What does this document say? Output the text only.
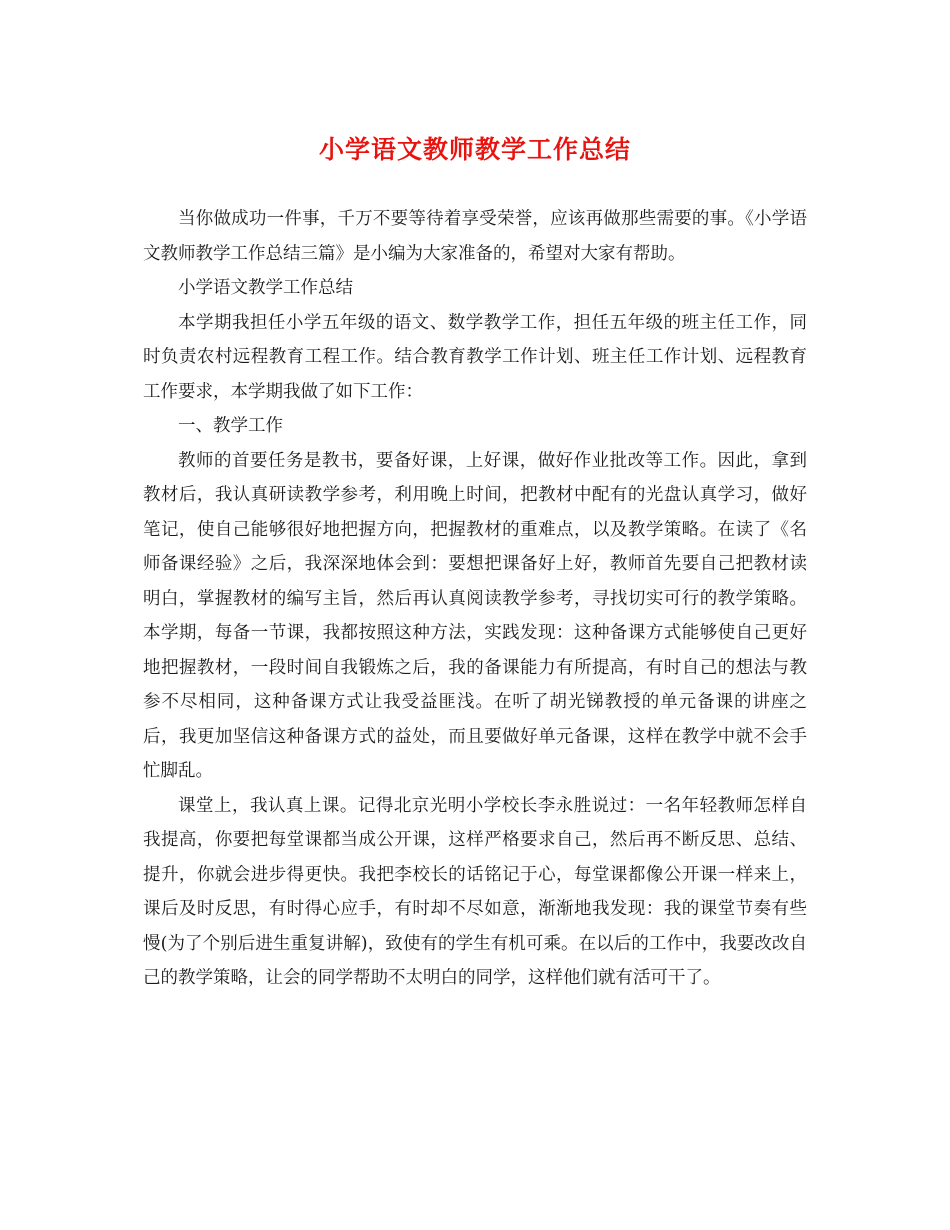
小学语文教师教学工作总结

当你做成功一件事，千万不要等待着享受荣誉，应该再做那些需要的事。《小学语文教师教学工作总结三篇》是小编为大家准备的，希望对大家有帮助。

小学语文教学工作总结

本学期我担任小学五年级的语文、数学教学工作，担任五年级的班主任工作，同时负责农村远程教育工程工作。结合教育教学工作计划、班主任工作计划、远程教育工作要求，本学期我做了如下工作：

一、教学工作

教师的首要任务是教书，要备好课，上好课，做好作业批改等工作。因此，拿到教材后，我认真研读教学参考，利用晚上时间，把教材中配有的光盘认真学习，做好笔记，使自己能够很好地把握方向，把握教材的重难点，以及教学策略。在读了《名师备课经验》之后，我深深地体会到：要想把课备好上好，教师首先要自己把教材读明白，掌握教材的编写主旨，然后再认真阅读教学参考，寻找切实可行的教学策略。本学期，每备一节课，我都按照这种方法，实践发现：这种备课方式能够使自己更好地把握教材，一段时间自我锻炼之后，我的备课能力有所提高，有时自己的想法与教参不尽相同，这种备课方式让我受益匪浅。在听了胡光锑教授的单元备课的讲座之后，我更加坚信这种备课方式的益处，而且要做好单元备课，这样在教学中就不会手忙脚乱。

课堂上，我认真上课。记得北京光明小学校长李永胜说过：一名年轻教师怎样自我提高，你要把每堂课都当成公开课，这样严格要求自己，然后再不断反思、总结、提升，你就会进步得更快。我把李校长的话铭记于心，每堂课都像公开课一样来上，课后及时反思，有时得心应手，有时却不尽如意，渐渐地我发现：我的课堂节奏有些慢(为了个别后进生重复讲解)，致使有的学生有机可乘。在以后的工作中，我要改改自己的教学策略，让会的同学帮助不太明白的同学，这样他们就有活可干了。
